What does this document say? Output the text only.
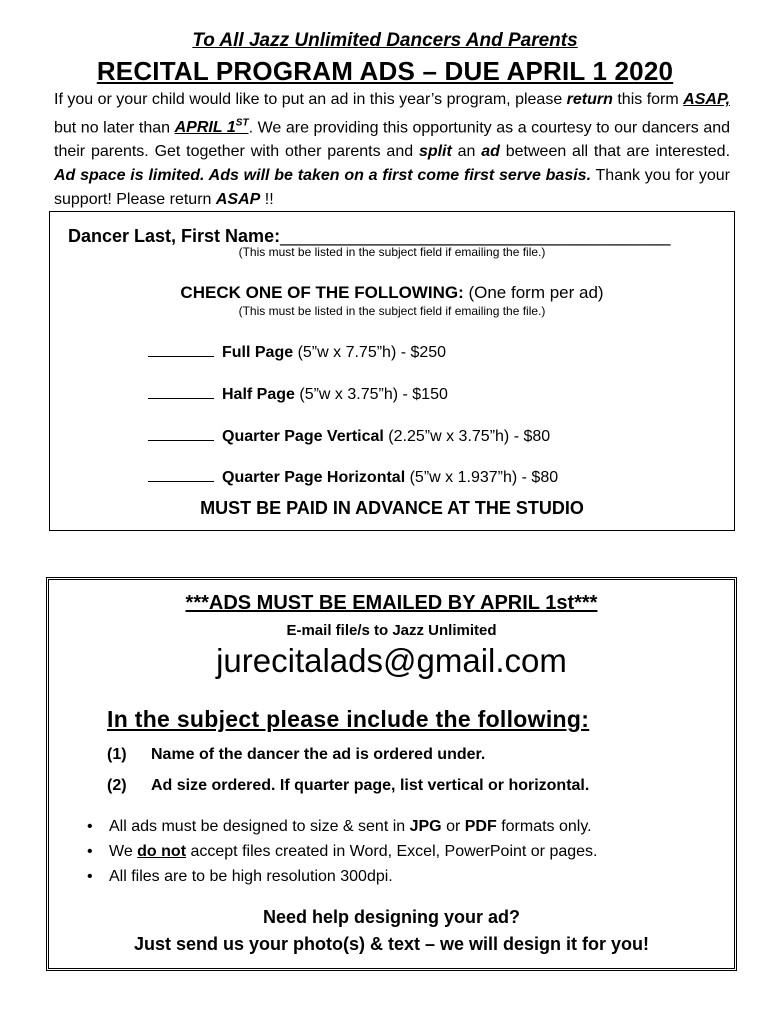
To All Jazz Unlimited Dancers And Parents
RECITAL PROGRAM ADS – DUE APRIL 1 2020
If you or your child would like to put an ad in this year’s program, please return this form ASAP, but no later than APRIL 1ST. We are providing this opportunity as a courtesy to our dancers and their parents. Get together with other parents and split an ad between all that are interested. Ad space is limited. Ads will be taken on a first come first serve basis. Thank you for your support! Please return ASAP !!
Dancer Last, First Name:_______________________________________
(This must be listed in the subject field if emailing the file.)
CHECK ONE OF THE FOLLOWING: (One form per ad)
(This must be listed in the subject field if emailing the file.)
Full Page (5”w x 7.75”h) - $250
Half Page (5”w x 3.75”h) - $150
Quarter Page Vertical (2.25”w x 3.75”h) - $80
Quarter Page Horizontal (5”w x 1.937”h) - $80
MUST BE PAID IN ADVANCE AT THE STUDIO
***ADS MUST BE EMAILED BY APRIL 1st***
E-mail file/s to Jazz Unlimited
jurecitalads@gmail.com
In the subject please include the following:
(1) Name of the dancer the ad is ordered under.
(2) Ad size ordered. If quarter page, list vertical or horizontal.
• All ads must be designed to size & sent in JPG or PDF formats only.
• We do not accept files created in Word, Excel, PowerPoint or pages.
• All files are to be high resolution 300dpi.
Need help designing your ad?
Just send us your photo(s) & text – we will design it for you!
